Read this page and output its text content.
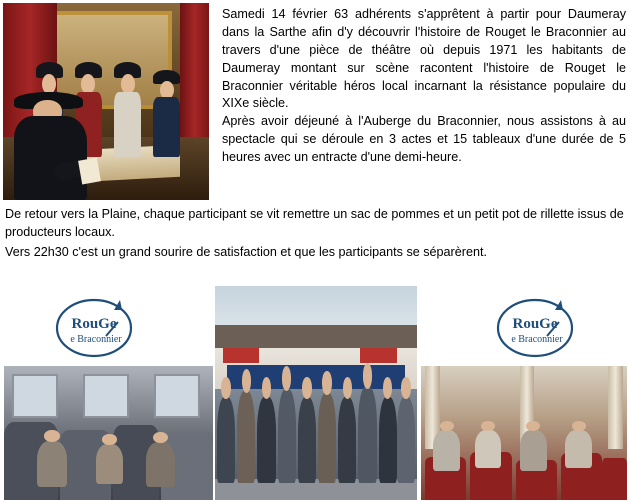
Samedi 14 février 63 adhérents s'apprêtent à partir pour Daumeray dans la Sarthe afin d'y découvrir l'histoire de Rouget le Braconnier au travers d'une pièce de théâtre où depuis 1971 les habitants de Daumeray montant sur scène racontent l'histoire de Rouget le Braconnier véritable héros local incarnant la résistance populaire du XIXe siècle.

Après avoir déjeuné à l'Auberge du Braconnier, nous assistons à au spectacle qui se déroule en 3 actes et 15 tableaux d'une durée de 5 heures avec un entracte d'une demi-heure.

De retour vers la Plaine, chaque participant se vit remettre un sac de pommes et un petit pot de rillette issus de producteurs locaux.

Vers 22h30 c'est un grand sourire de satisfaction et que les participants se séparèrent.

RouGe
e Braconnier
RouGe
e Braconnier
